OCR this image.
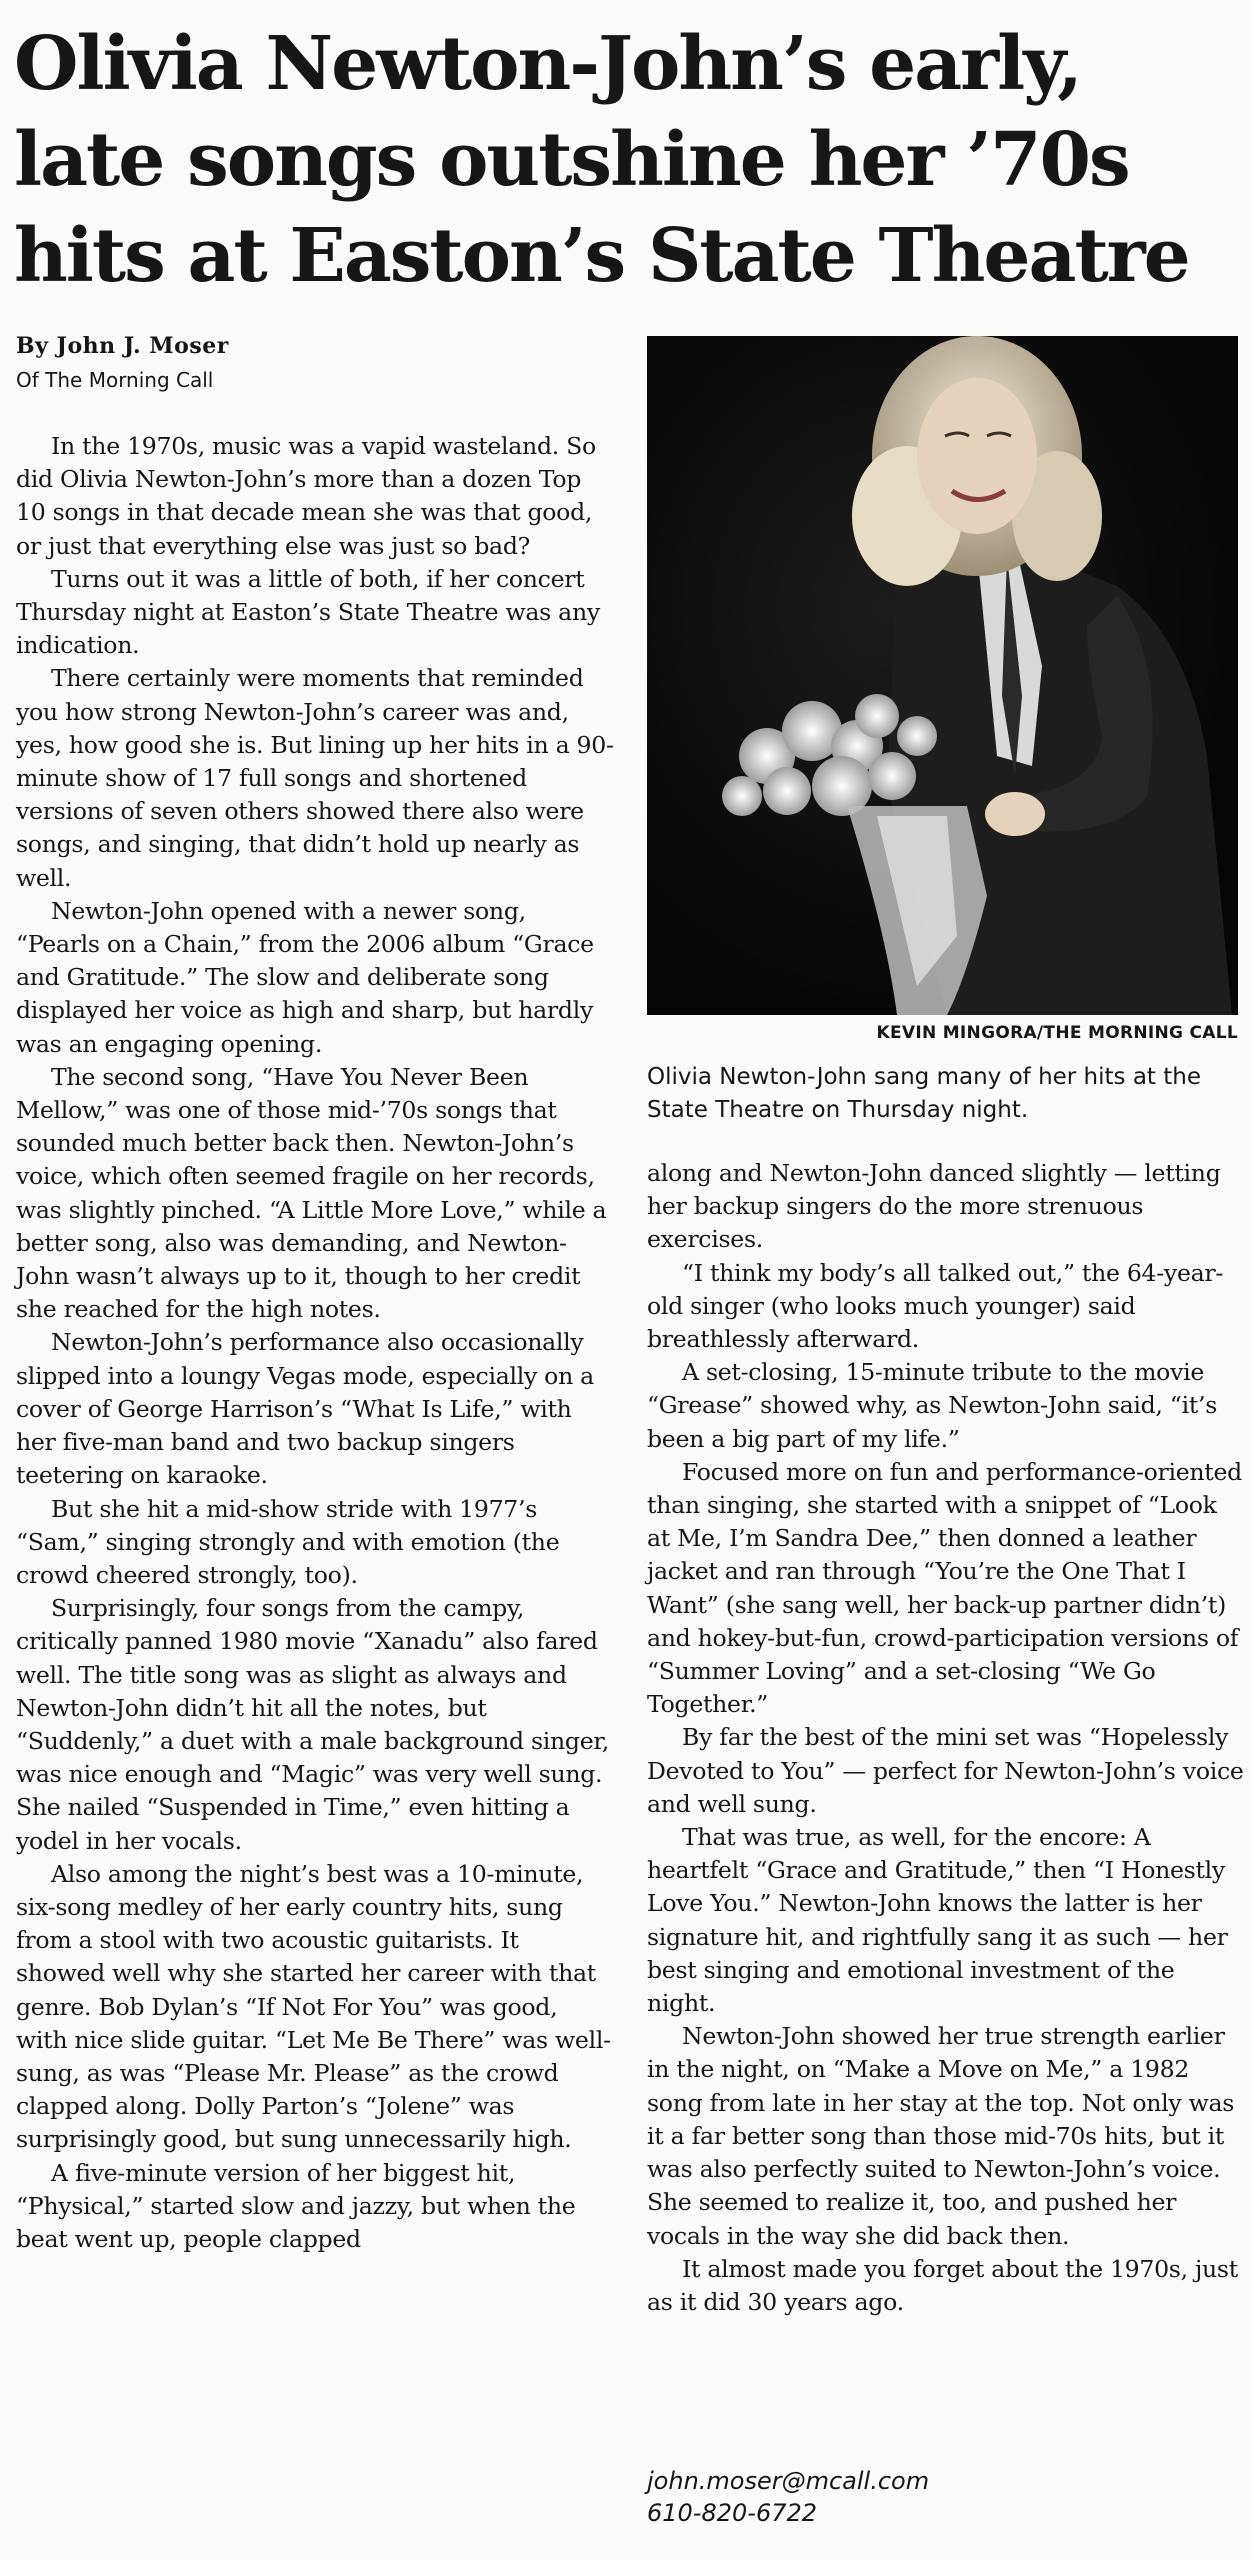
Olivia Newton-John’s early,
late songs outshine her ’70s
hits at Easton’s State Theatre
By John J. Moser
Of The Morning Call

In the 1970s, music was a vapid wasteland. So did Olivia Newton-John’s more than a dozen Top 10 songs in that decade mean she was that good, or just that everything else was just so bad?

Turns out it was a little of both, if her concert Thursday night at Easton’s State Theatre was any indication.

There certainly were moments that reminded you how strong Newton-John’s career was and, yes, how good she is. But lining up her hits in a 90-minute show of 17 full songs and shortened versions of seven others showed there also were songs, and singing, that didn’t hold up nearly as well.

Newton-John opened with a newer song, “Pearls on a Chain,” from the 2006 album “Grace and Gratitude.” The slow and deliberate song displayed her voice as high and sharp, but hardly was an engaging opening.

The second song, “Have You Never Been Mellow,” was one of those mid-’70s songs that sounded much better back then. Newton-John’s voice, which often seemed fragile on her records, was slightly pinched. “A Little More Love,” while a better song, also was demanding, and Newton-John wasn’t always up to it, though to her credit she reached for the high notes.

Newton-John’s performance also occasionally slipped into a loungy Vegas mode, especially on a cover of George Harrison’s “What Is Life,” with her five-man band and two backup singers teetering on karaoke.

But she hit a mid-show stride with 1977’s “Sam,” singing strongly and with emotion (the crowd cheered strongly, too).

Surprisingly, four songs from the campy, critically panned 1980 movie “Xanadu” also fared well. The title song was as slight as always and Newton-John didn’t hit all the notes, but “Suddenly,” a duet with a male background singer, was nice enough and “Magic” was very well sung. She nailed “Suspended in Time,” even hitting a yodel in her vocals.

Also among the night’s best was a 10-minute, six-song medley of her early country hits, sung from a stool with two acoustic guitarists. It showed well why she started her career with that genre. Bob Dylan’s “If Not For You” was good, with nice slide guitar. “Let Me Be There” was well-sung, as was “Please Mr. Please” as the crowd clapped along. Dolly Parton’s “Jolene” was surprisingly good, but sung unnecessarily high.

A five-minute version of her biggest hit, “Physical,” started slow and jazzy, but when the beat went up, people clapped

KEVIN MINGORA/THE MORNING CALL
Olivia Newton-John sang many of her hits at the State Theatre on Thursday night.

along and Newton-John danced slightly — letting her backup singers do the more strenuous exercises.

“I think my body’s all talked out,” the 64-year-old singer (who looks much younger) said breathlessly afterward.

A set-closing, 15-minute tribute to the movie “Grease” showed why, as Newton-John said, “it’s been a big part of my life.”

Focused more on fun and performance-oriented than singing, she started with a snippet of “Look at Me, I’m Sandra Dee,” then donned a leather jacket and ran through “You’re the One That I Want” (she sang well, her back-up partner didn’t) and hokey-but-fun, crowd-participation versions of “Summer Loving” and a set-closing “We Go Together.”

By far the best of the mini set was “Hopelessly Devoted to You” — perfect for Newton-John’s voice and well sung.

That was true, as well, for the encore: A heartfelt “Grace and Gratitude,” then “I Honestly Love You.” Newton-John knows the latter is her signature hit, and rightfully sang it as such — her best singing and emotional investment of the night.

Newton-John showed her true strength earlier in the night, on “Make a Move on Me,” a 1982 song from late in her stay at the top. Not only was it a far better song than those mid-70s hits, but it was also perfectly suited to Newton-John’s voice. She seemed to realize it, too, and pushed her vocals in the way she did back then.

It almost made you forget about the 1970s, just as it did 30 years ago.

john.moser@mcall.com
610-820-6722
